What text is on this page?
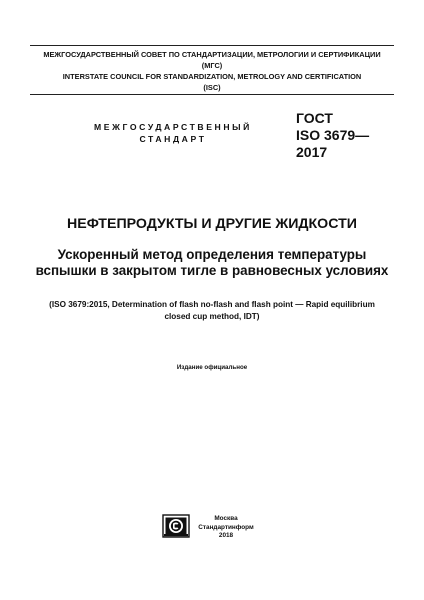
МЕЖГОСУДАРСТВЕННЫЙ СОВЕТ ПО СТАНДАРТИЗАЦИИ, МЕТРОЛОГИИ И СЕРТИФИКАЦИИ
(МГС)
INTERSTATE COUNCIL FOR STANDARDIZATION, METROLOGY AND CERTIFICATION
(ISC)
МЕЖГОСУДАРСТВЕННЫЙ
СТАНДАРТ
ГОСТ
ISO 3679—
2017
НЕФТЕПРОДУКТЫ И ДРУГИЕ ЖИДКОСТИ
Ускоренный метод определения температуры
вспышки в закрытом тигле в равновесных условиях
(ISO 3679:2015, Determination of flash no-flash and flash point — Rapid equilibrium
closed cup method, IDT)
Издание официальное
Москва
Стандартинформ
2018
